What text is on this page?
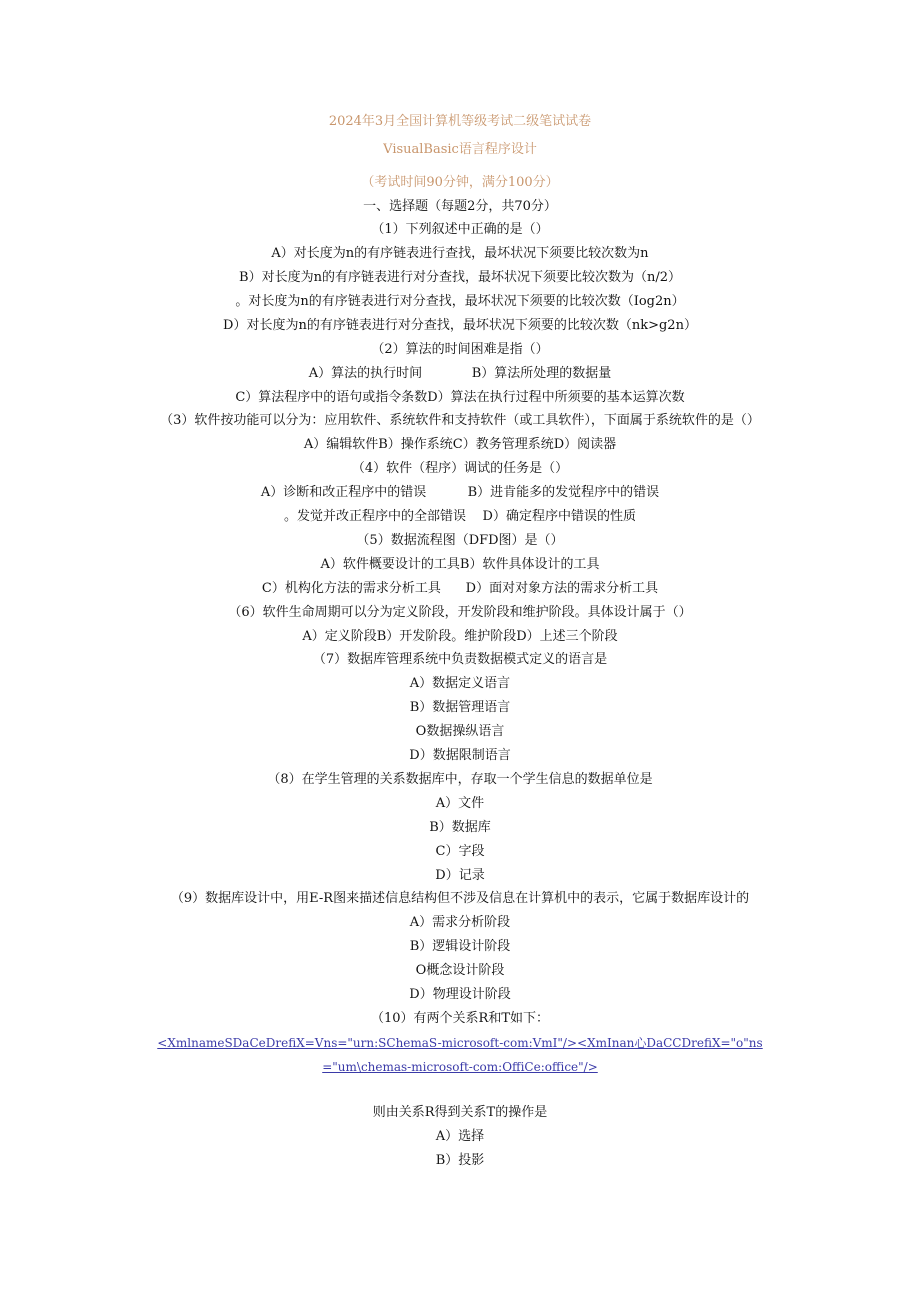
2024年3月全国计算机等级考试二级笔试试卷
VisualBasic语言程序设计
（考试时间90分钟，满分100分）
一、选择题（每题2分，共70分）
（1）下列叙述中正确的是（）
A）对长度为n的有序链表进行查找，最坏状况下须要比较次数为n
B）对长度为n的有序链表进行对分查找，最坏状况下须要比较次数为（n/2）
。对长度为n的有序链表进行对分查找，最坏状况下须要的比较次数（Iog2n）
D）对长度为n的有序链表进行对分查找，最坏状况下须要的比较次数（nk>g2n）
（2）算法的时间困难是指（）
A）算法的执行时间            B）算法所处理的数据量
C）算法程序中的语句或指令条数D）算法在执行过程中所须要的基本运算次数
（3）软件按功能可以分为：应用软件、系统软件和支持软件（或工具软件），下面属于系统软件的是（）
A）编辑软件B）操作系统C）教务管理系统D）阅读器
（4）软件（程序）调试的任务是（）
A）诊断和改正程序中的错误          B）进肯能多的发觉程序中的错误
。发觉并改正程序中的全部错误    D）确定程序中错误的性质
（5）数据流程图（DFD图）是（）
A）软件概要设计的工具B）软件具体设计的工具
C）机构化方法的需求分析工具      D）面对对象方法的需求分析工具
（6）软件生命周期可以分为定义阶段，开发阶段和维护阶段。具体设计属于（）
A）定义阶段B）开发阶段。维护阶段D）上述三个阶段
（7）数据库管理系统中负责数据模式定义的语言是
A）数据定义语言
B）数据管理语言
O数据操纵语言
D）数据限制语言
（8）在学生管理的关系数据库中，存取一个学生信息的数据单位是
A）文件
B）数据库
C）字段
D）记录
（9）数据库设计中，用E-R图来描述信息结构但不涉及信息在计算机中的表示，它属于数据库设计的
A）需求分析阶段
B）逻辑设计阶段
O概念设计阶段
D）物理设计阶段
（10）有两个关系R和T如下：
<XmlnameSDaCeDrefiX=Vns="urn:SChemaS-microsoft-com:VmI"/><XmInan心DaCCDrefiX="o"ns
="um\chemas-microsoft-com:OffiCe:office"/>
则由关系R得到关系T的操作是
A）选择
B）投影
